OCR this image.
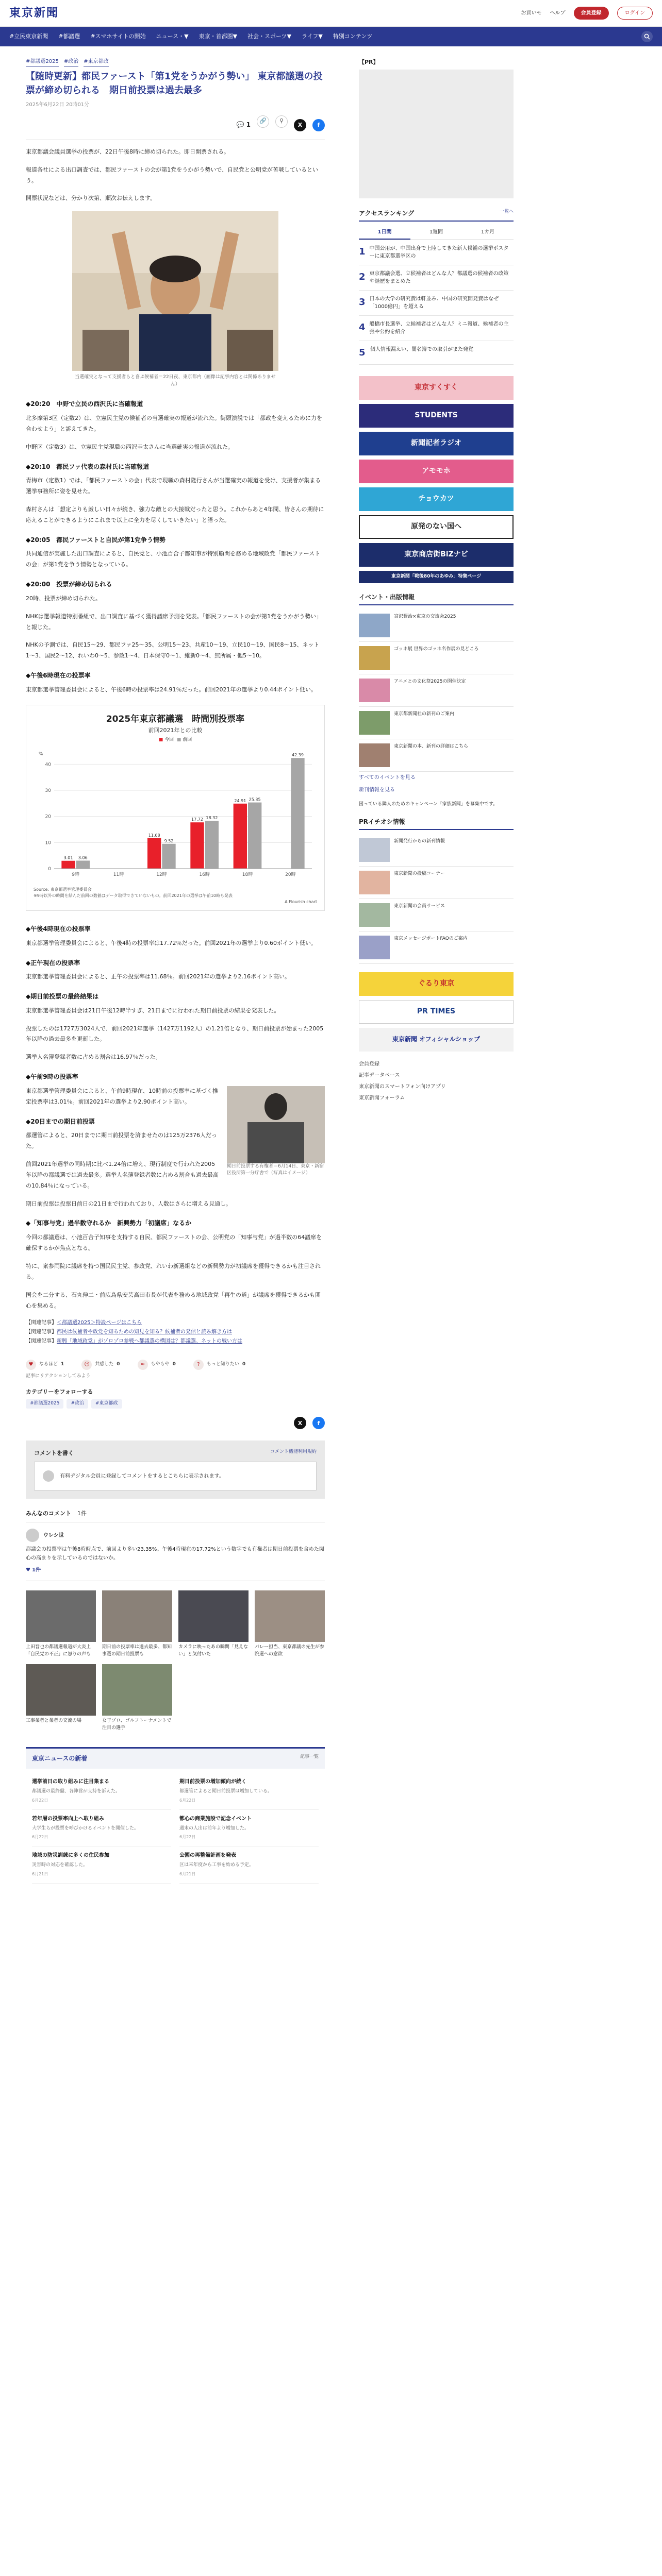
東京新聞	お買いモ ヘルプ	会員登録	ログイン
#立民東京新聞 #都議選 #スマホサイトの開始 ニュース・▼ 東京・首都圏▼ 社会・スポーツ▼ ライフ▼ 特別コンテンツ
#都議選2025 #政治 #東京都政
【随時更新】都民ファースト「第1党をうかがう勢い」 東京都議選の投票が締め切られる　期日前投票は過去最多
2025年6月22日 20時01分
💬 1
🔗	⚲
X	f

東京都議会議員選挙の投票が、22日午後8時に締め切られた。即日開票される。

報道各社による出口調査では、都民ファーストの会が第1党をうかがう勢いで、自民党と公明党が苦戦しているという。

開票状況などは、分かり次第、順次お伝えします。

当選確実となって支援者らと喜ぶ候補者＝22日夜、東京都内（画像は記事内容とは関係ありません）
◆20:20　中野で立民の西沢氏に当確報道

北多摩第3区（定数2）は、立憲民主党の候補者の当選確実の報道が流れた。街頭演説では「都政を変えるために力を合わせよう」と訴えてきた。

中野区（定数3）は、立憲民主党現職の西沢圭太さんに当選確実の報道が流れた。

◆20:10　都民ファ代表の森村氏に当確報道

青梅市（定数1）では、「都民ファーストの会」代表で現職の森村隆行さんが当選確実の報道を受け、支援者が集まる選挙事務所に姿を見せた。

森村さんは「想定よりも厳しい日々が続き、強力な敵との大接戦だったと思う。これからあと4年間、皆さんの期待に応えることができるようにこれまで以上に全力を尽くしていきたい」と語った。

◆20:05　都民ファーストと自民が第1党争う情勢

共同通信が実施した出口調査によると、自民党と、小池百合子都知事が特別顧問を務める地域政党「都民ファーストの会」が第1党を争う情勢となっている。

◆20:00　投票が締め切られる

20時、投票が締め切られた。

NHKは選挙報道特別番組で、出口調査に基づく獲得議席予測を発表。「都民ファーストの会が第1党をうかがう勢い」と報じた。

NHKの予測では、自民15〜29、都民ファ25〜35、公明15〜23、共産10〜19、立民10〜19、国民8〜15、ネット1〜3、国民2〜12、れいわ0〜5、参政1〜4、日本保守0〜1、維新0〜4、無所属・他5〜10。

◆午後6時現在の投票率

東京都選挙管理委員会によると、午後6時の投票率は24.91％だった。前回2021年の選挙より0.44ポイント低い。

2025年東京都議選　時間別投票率
前回2021年との比較
■ 今回 ■ 前回
%
0
10
20
30
40
9時
3.01 3.06
11時	12時
11.68
9.52
16時
17.72 18.32
18時
24.91 25.35
20時
42.39
Source: 東京都選挙管理委員会
※9時以外の時間を結んだ前回の数値はデータ取得できていないもの。前回2021年の選挙は午前10時も発表
A Flourish chart
◆午後4時現在の投票率

東京都選挙管理委員会によると、午後4時の投票率は17.72％だった。前回2021年の選挙より0.60ポイント低い。

◆正午現在の投票率

東京都選挙管理委員会によると、正午の投票率は11.68％。前回2021年の選挙より2.16ポイント高い。

◆期日前投票の最終結果は

東京都選挙管理委員会は21日午後12時半すぎ、21日までに行われた期日前投票の結果を発表した。

投票したのは1727万3024人で、前回2021年選挙（1427万1192人）の1.21倍となり、期日前投票が始まった2005年以降の過去最多を更新した。

選挙人名簿登録者数に占める割合は16.97％だった。

◆午前9時の投票率

東京都選挙管理委員会によると、午前9時現在、10時前の投票率に基づく推定投票率は3.01％。前回2021年の選挙より2.90ポイント高い。

◆20日までの期日前投票

都選管によると、20日までに期日前投票を済ませたのは125万2376人だった。

前回2021年選挙の同時期に比べ1.24倍に増え、現行制度で行われた2005年以降の都議選では過去最多。選挙人名簿登録者数に占める割合も過去最高の10.84％になっている。

期日前投票する有権者＝6月14日、東京・新宿区役所第一分庁舎で（写真はイメージ）

期日前投票は投票日前日の21日まで行われており、人数はさらに増える見通し。

◆「知事与党」過半数守れるか　新興勢力「初議席」なるか

今回の都議選は、小池百合子知事を支持する自民、都民ファーストの会、公明党の「知事与党」が過半数の64議席を確保するかが焦点となる。

特に、衆参両院に議席を持つ国民民主党、参政党、れいわ新選組などの新興勢力が初議席を獲得できるかも注目される。

国会を二分する、石丸伸二・前広島県安芸高田市長が代表を務める地域政党「再生の道」が議席を獲得できるかも関心を集める。

【関連記事】＜都議選2025＞特設ページはこちら
【関連記事】都民は候補者や政党を知るための知見を知る？候補者の発信と読み解き方は
【関連記事】新興「地域政党」がゾロゾロ参戦へ都議選の構図は？都議選、ネットの戦い方は
♥	なるほど 1	☺	共感した 0	≈	もやもや 0	?	もっと知りたい 0
記事にリアクションしてみよう
カテゴリーをフォローする
#都議選2025	#政治	#東京都政
X	f
コメントを書く	コメント機能利用規約
有料デジタル会員に登録してコメントをするとこちらに表示されます。
みんなのコメント 1件
ウレシ世

都議会の投票率は午後8時時点で、前回より多い23.35%。午後4時現在の17.72%という数字でも有権者は期日前投票を含めた関心の高まりを示しているのではないか。

♥ 1件
上田晋也の都議選報道が大炎上「自民党の不正」に怒りの声も
期日前の投票率は過去最多、都知事選の期日前投票も
カメラに映ったあの瞬間「見えない」と気付いた
バレー担当、東京都議の先生が参院選への意欲
工事業者と業者の交流の場	女子プロ、ゴルフトーナメントで注目の選手
東京ニュースの新着	記事一覧
選挙前日の取り組みに注目集まる

都議選の最終盤、各陣営が支持を訴えた。

6月22日
期日前投票の増加傾向が続く

都選管によると期日前投票は増加している。

6月22日
若年層の投票率向上へ取り組み

大学生らが投票を呼びかけるイベントを開催した。

6月22日
都心の商業施設で記念イベント

週末の人出は前年より増加した。

6月22日
地域の防災訓練に多くの住民参加

災害時の対応を確認した。

6月21日
公園の再整備計画を発表

区は来年度から工事を始める予定。

6月21日
【PR】
アクセスランキング	一覧へ
1日間	1週間	1カ月
1 中国公用が、中国出身で上陸してきた新人候補の選挙ポスターに東京都選挙区の
2 東京都議会選、立候補者はどんな人？都議選の候補者の政策や経歴をまとめた
3 日本の大学の研究費は軒並み、中国の研究開発費はなぜ「1000億円」を超える
4 船橋市長選挙、立候補者はどんな人？ミニ報道、候補者の主張や公約を紹介
5 個人情報漏えい、闇名簿での取引がまた発覚
東京すくすく
STUDENTS
新聞記者ラジオ
アモモホ
チョウカツ
原発のない国へ
東京商店街BiZナビ
東京新聞「戦後80年のあゆみ」特集ページ
イベント・出版情報
宮沢賢治×東京の交流会2025
ゴッホ展 世界のゴッホ名作展の見どころ
アニメとの文化祭2025の開催決定
東京都新聞社の新刊のご案内
東京新聞の本、新刊の詳細はこちら
すべてのイベントを見る
新刊情報を見る
困っている隣人のためのキャンペーン「家族新聞」を募集中です。
PRイチオシ情報
新聞発行からの新刊情報
東京新聞の投稿コーナー
東京新聞の会員サービス
東京メッセージポートFAQのご案内
ぐるり東京
PR TIMES
東京新聞 オフィシャルショップ
会員登録
記事データベース
東京新聞のスマートフォン向けアプリ
東京新聞フォーラム
